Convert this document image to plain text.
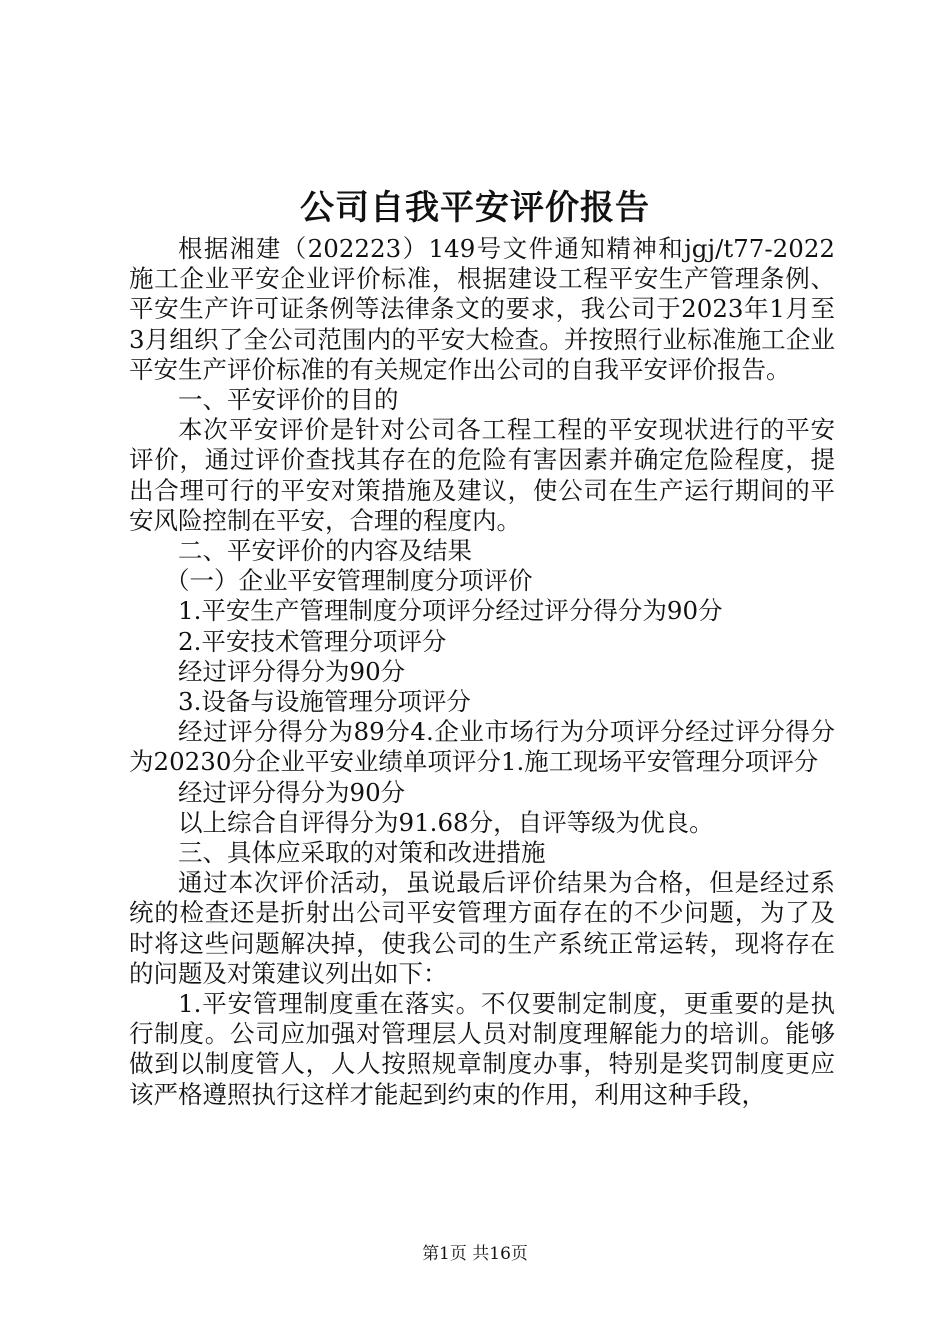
公司自我平安评价报告

根据湘建（202223）149号文件通知精神和jgj/t77-2022施工企业平安企业评价标准，根据建设工程平安生产管理条例、平安生产许可证条例等法律条文的要求，我公司于2023年1月至3月组织了全公司范围内的平安大检查。并按照行业标准施工企业平安生产评价标准的有关规定作出公司的自我平安评价报告。

一、平安评价的目的

本次平安评价是针对公司各工程工程的平安现状进行的平安评价，通过评价查找其存在的危险有害因素并确定危险程度，提出合理可行的平安对策措施及建议，使公司在生产运行期间的平安风险控制在平安，合理的程度内。

二、平安评价的内容及结果

（一）企业平安管理制度分项评价

1.平安生产管理制度分项评分经过评分得分为90分

2.平安技术管理分项评分

经过评分得分为90分

3.设备与设施管理分项评分

经过评分得分为89分4.企业市场行为分项评分经过评分得分为20230分企业平安业绩单项评分1.施工现场平安管理分项评分

经过评分得分为90分

以上综合自评得分为91.68分，自评等级为优良。

三、具体应采取的对策和改进措施

通过本次评价活动，虽说最后评价结果为合格，但是经过系统的检查还是折射出公司平安管理方面存在的不少问题，为了及时将这些问题解决掉，使我公司的生产系统正常运转，现将存在的问题及对策建议列出如下：

1.平安管理制度重在落实。不仅要制定制度，更重要的是执行制度。公司应加强对管理层人员对制度理解能力的培训。能够做到以制度管人，人人按照规章制度办事，特别是奖罚制度更应该严格遵照执行这样才能起到约束的作用，利用这种手段，

第1页 共16页
